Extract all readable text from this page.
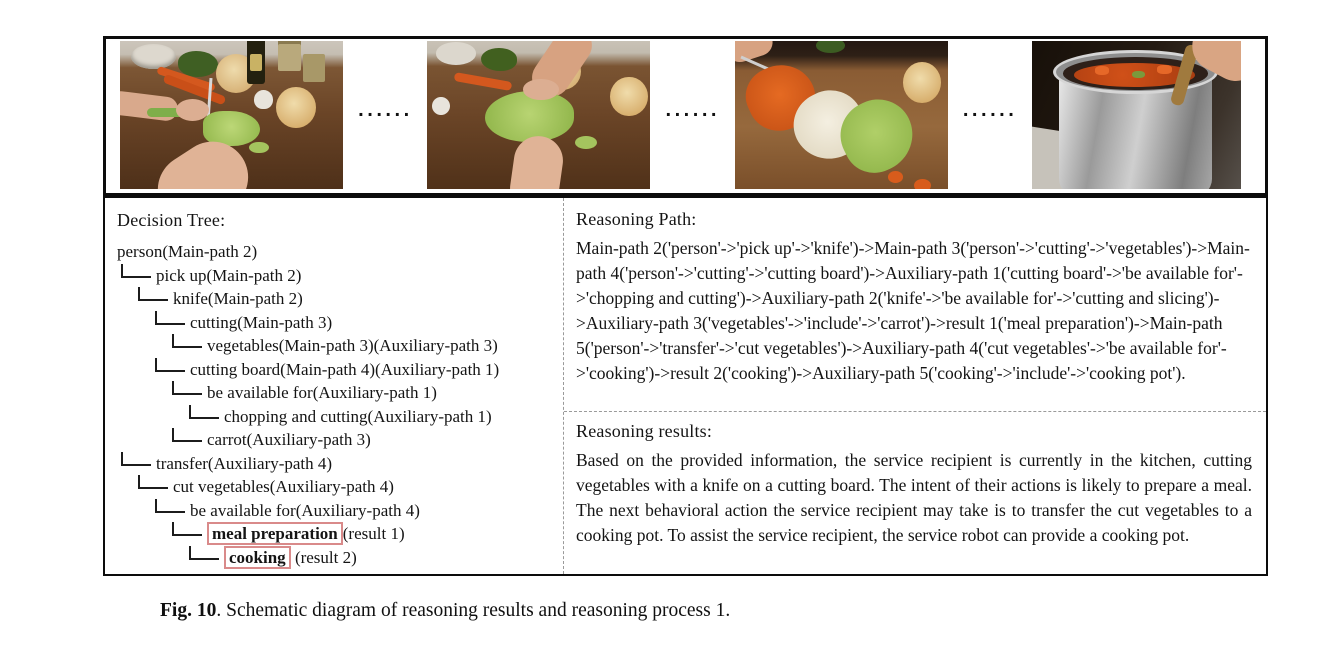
......	......	......
Decision Tree:
person(Main-path 2)
pick up(Main-path 2)
knife(Main-path 2)
cutting(Main-path 3)
vegetables(Main-path 3)(Auxiliary-path 3)
cutting board(Main-path 4)(Auxiliary-path 1)
be available for(Auxiliary-path 1)
chopping and cutting(Auxiliary-path 1)
carrot(Auxiliary-path 3)
transfer(Auxiliary-path 4)
cut vegetables(Auxiliary-path 4)
be available for(Auxiliary-path 4)
meal preparation (result 1)
cooking (result 2)
Reasoning Path:

Main-path 2('person'->'pick up'->'knife')->Main-path 3('person'->'cutting'->'vegetables')->Main-path 4('person'->'cutting'->'cutting board')->Auxiliary-path 1('cutting board'->'be available for'->'chopping and cutting')->Auxiliary-path 2('knife'->'be available for'->'cutting and slicing')->Auxiliary-path 3('vegetables'->'include'->'carrot')->result 1('meal preparation')->Main-path 5('person'->'transfer'->'cut vegetables')->Auxiliary-path 4('cut vegetables'->'be available for'->'cooking')->result 2('cooking')->Auxiliary-path 5('cooking'->'include'->'cooking pot').

Reasoning results:

Based on the provided information, the service recipient is currently in the kitchen, cutting vegetables with a knife on a cutting board. The intent of their actions is likely to prepare a meal. The next behavioral action the service recipient may take is to transfer the cut vegetables to a cooking pot. To assist the service recipient, the service robot can provide a cooking pot.

Fig. 10. Schematic diagram of reasoning results and reasoning process 1.
